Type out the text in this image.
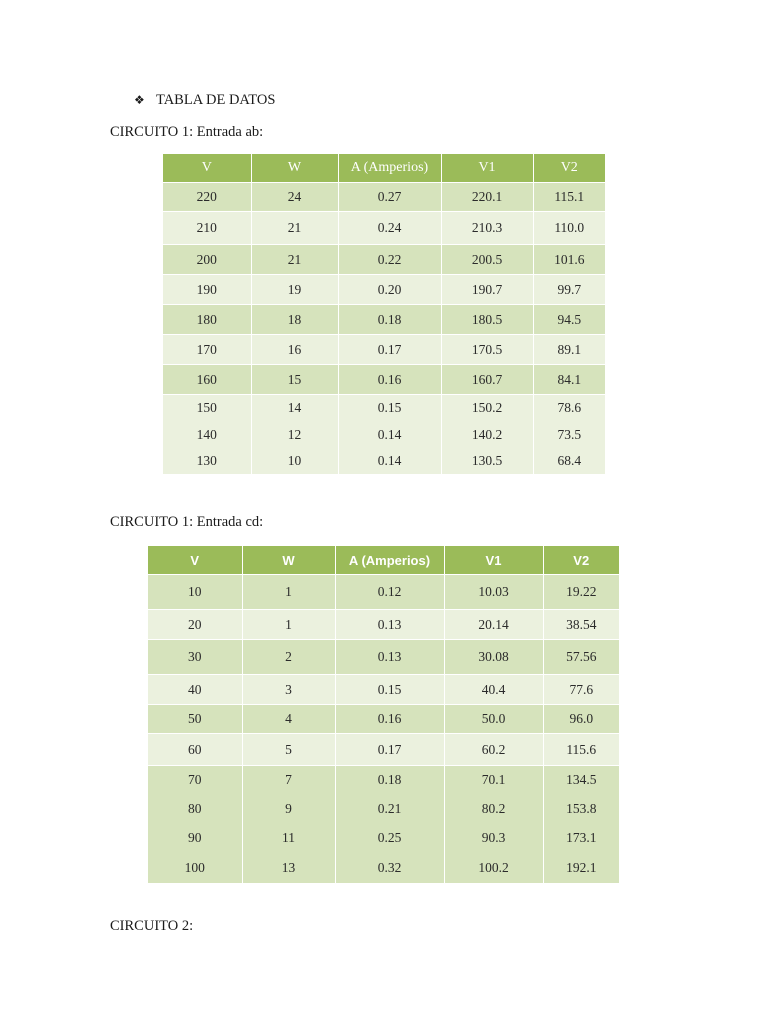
❖ TABLA DE DATOS
CIRCUITO 1: Entrada ab:
V	W	A (Amperios)	V1	V2
220	24	0.27	220.1	115.1
210	21	0.24	210.3	110.0
200	21	0.22	200.5	101.6
190	19	0.20	190.7	99.7
180	18	0.18	180.5	94.5
170	16	0.17	170.5	89.1
160	15	0.16	160.7	84.1
150	14	0.15	150.2	78.6
140	12	0.14	140.2	73.5
130	10	0.14	130.5	68.4
CIRCUITO 1: Entrada cd:
V	W	A (Amperios)	V1	V2
10	1	0.12	10.03	19.22
20	1	0.13	20.14	38.54
30	2	0.13	30.08	57.56
40	3	0.15	40.4	77.6
50	4	0.16	50.0	96.0
60	5	0.17	60.2	115.6
70	7	0.18	70.1	134.5
80	9	0.21	80.2	153.8
90	11	0.25	90.3	173.1
100	13	0.32	100.2	192.1
CIRCUITO 2:
